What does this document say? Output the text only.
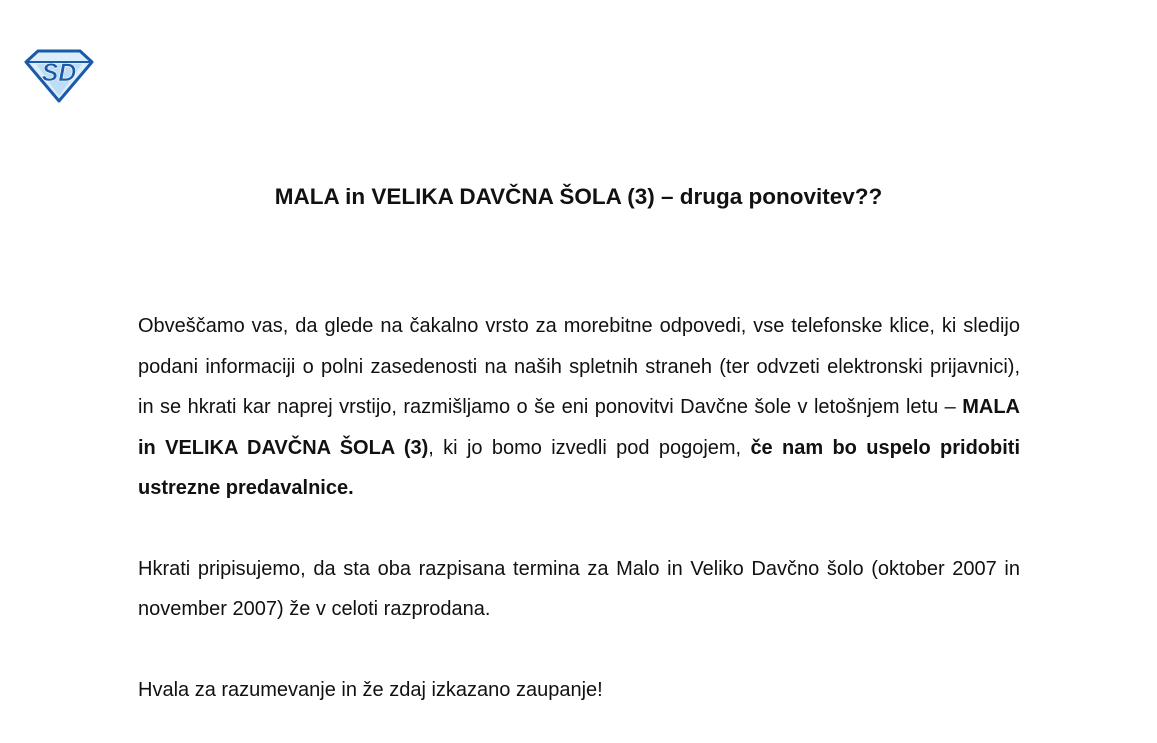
SD
MALA in VELIKA DAVČNA ŠOLA (3) – druga ponovitev??

Obveščamo vas, da glede na čakalno vrsto za morebitne odpovedi, vse telefonske klice, ki sledijo podani informaciji o polni zasedenosti na naših spletnih straneh (ter odvzeti elektronski prijavnici), in se hkrati kar naprej vrstijo, razmišljamo o še eni ponovitvi Davčne šole v letošnjem letu – MALA in VELIKA DAVČNA ŠOLA (3), ki jo bomo izvedli pod pogojem, če nam bo uspelo pridobiti ustrezne predavalnice.

Hkrati pripisujemo, da sta oba razpisana termina za Malo in Veliko Davčno šolo (oktober 2007 in november 2007) že v celoti razprodana.

Hvala za razumevanje in že zdaj izkazano zaupanje!
